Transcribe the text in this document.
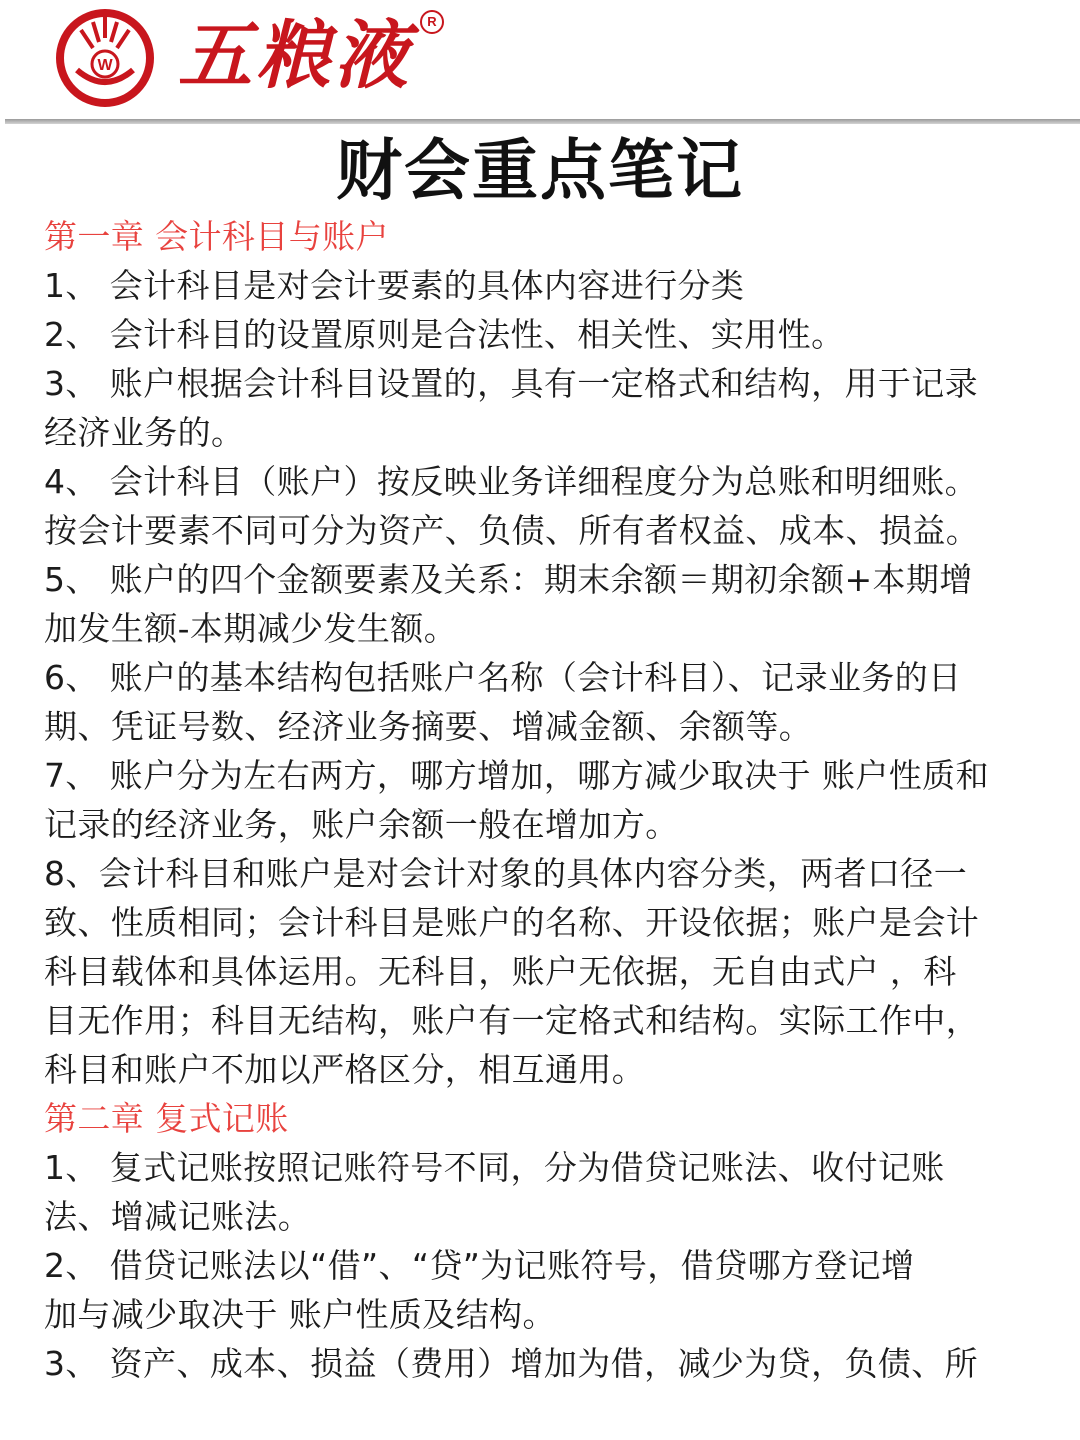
W 五粮液	R
财会重点笔记
第一章 会计科目与账户
1、 会计科目是对会计要素的具体内容进行分类
2、 会计科目的设置原则是合法性、相关性、实用性。
3、 账户根据会计科目设置的，具有一定格式和结构，用于记录
经济业务的。
4、 会计科目（账户）按反映业务详细程度分为总账和明细账。
按会计要素不同可分为资产、负债、所有者权益、成本、损益。
5、 账户的四个金额要素及关系：期末余额＝期初余额+本期增
加发生额-本期减少发生额。
6、 账户的基本结构包括账户名称（会计科目）、记录业务的日
期、凭证号数、经济业务摘要、增减金额、余额等。
7、 账户分为左右两方，哪方增加，哪方减少取决于 账户性质和
记录的经济业务，账户余额一般在增加方。
8、会计科目和账户是对会计对象的具体内容分类，两者口径一
致、性质相同；会计科目是账户的名称、开设依据；账户是会计
科目载体和具体运用。无科目，账户无依据，无自由式户 ，科
目无作用；科目无结构，账户有一定格式和结构。实际工作中，
科目和账户不加以严格区分，相互通用。
第二章 复式记账
1、 复式记账按照记账符号不同，分为借贷记账法、收付记账
法、增减记账法。
2、 借贷记账法以“借”、“贷”为记账符号，借贷哪方登记增
加与减少取决于 账户性质及结构。
3、 资产、成本、损益（费用）增加为借，减少为贷，负债、所
